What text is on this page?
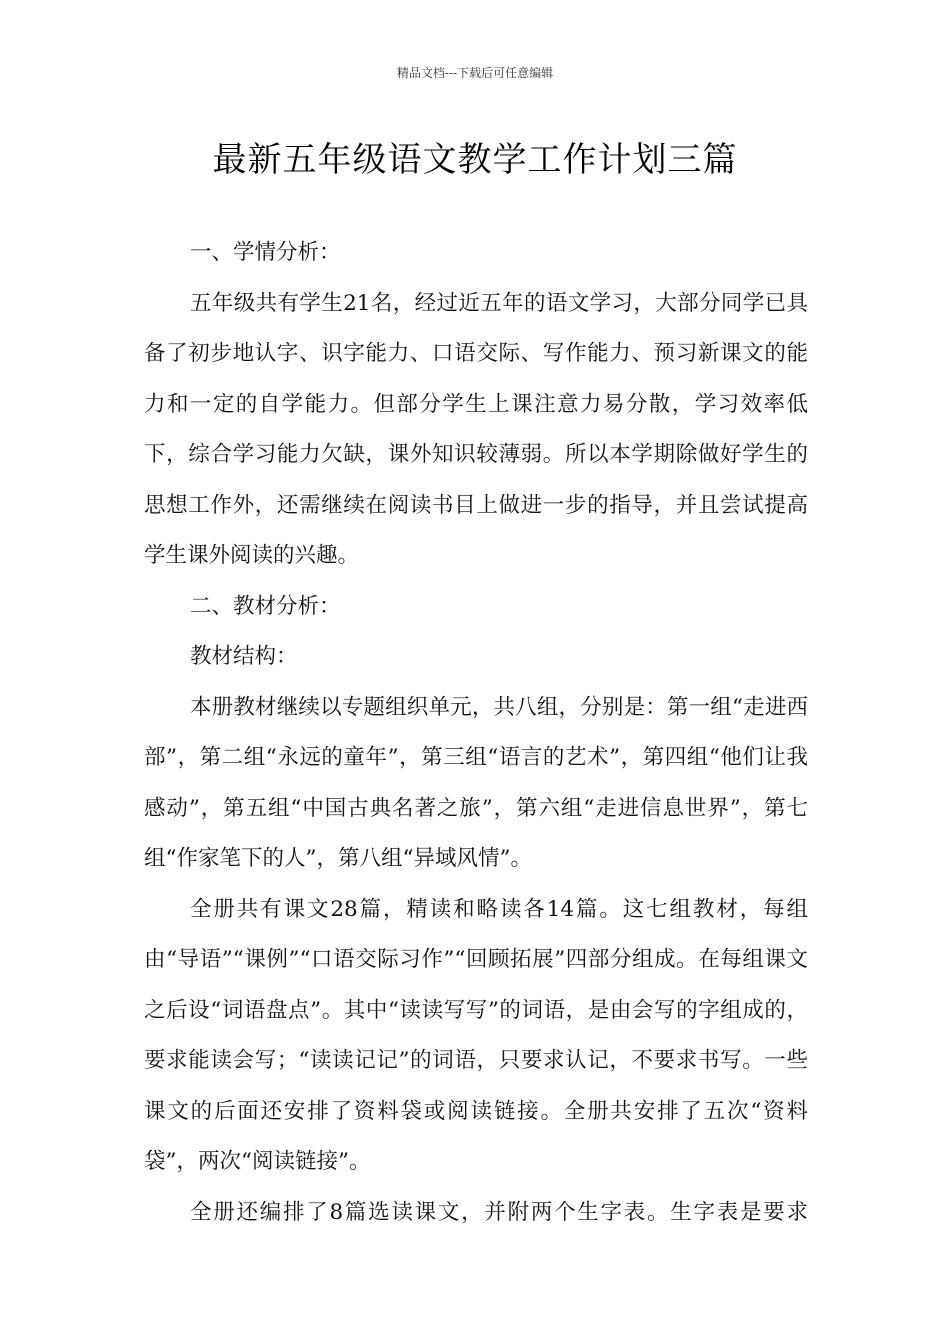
精品文档---下载后可任意编辑
最新五年级语文教学工作计划三篇

一、学情分析：

五年级共有学生21名，经过近五年的语文学习，大部分同学已具备了初步地认字、识字能力、口语交际、写作能力、预习新课文的能力和一定的自学能力。但部分学生上课注意力易分散，学习效率低下，综合学习能力欠缺，课外知识较薄弱。所以本学期除做好学生的思想工作外，还需继续在阅读书目上做进一步的指导，并且尝试提高学生课外阅读的兴趣。

二、教材分析：

教材结构：

本册教材继续以专题组织单元，共八组，分别是：第一组“走进西部”，第二组“永远的童年”，第三组“语言的艺术”，第四组“他们让我感动”，第五组“中国古典名著之旅”，第六组“走进信息世界”，第七组“作家笔下的人”，第八组“异域风情”。

全册共有课文28篇，精读和略读各14篇。这七组教材，每组由“导语”“课例”“口语交际习作”“回顾拓展”四部分组成。在每组课文之后设“词语盘点”。其中“读读写写”的词语，是由会写的字组成的，要求能读会写；“读读记记”的词语，只要求认记，不要求书写。一些课文的后面还安排了资料袋或阅读链接。全册共安排了五次“资料袋”，两次“阅读链接”。

全册还编排了8篇选读课文，并附两个生字表。生字表是要求
